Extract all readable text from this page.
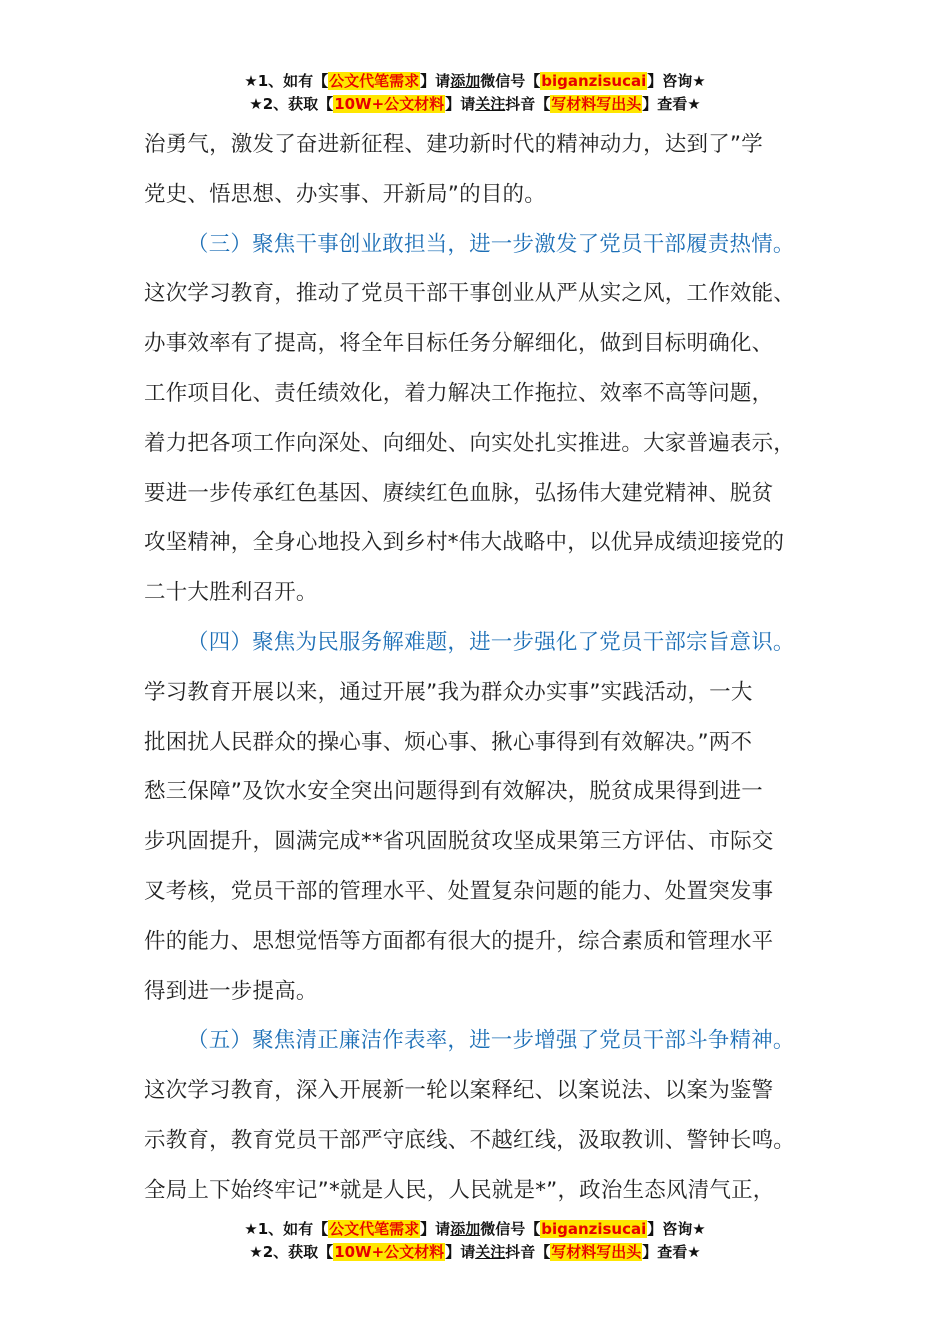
★1、如有【公文代笔需求】请添加微信号【biganzisucai】咨询★
★2、获取【10W+公文材料】请关注抖音【写材料写出头】查看★
治勇气，激发了奋进新征程、建功新时代的精神动力，达到了”学
党史、悟思想、办实事、开新局”的目的。
（三）聚焦干事创业敢担当，进一步激发了党员干部履责热情。
这次学习教育，推动了党员干部干事创业从严从实之风，工作效能、
办事效率有了提高，将全年目标任务分解细化，做到目标明确化、
工作项目化、责任绩效化，着力解决工作拖拉、效率不高等问题，
着力把各项工作向深处、向细处、向实处扎实推进。大家普遍表示，
要进一步传承红色基因、赓续红色血脉，弘扬伟大建党精神、脱贫
攻坚精神，全身心地投入到乡村*伟大战略中，以优异成绩迎接党的
二十大胜利召开。
（四）聚焦为民服务解难题，进一步强化了党员干部宗旨意识。
学习教育开展以来，通过开展”我为群众办实事”实践活动，一大
批困扰人民群众的操心事、烦心事、揪心事得到有效解决。”两不
愁三保障”及饮水安全突出问题得到有效解决，脱贫成果得到进一
步巩固提升，圆满完成**省巩固脱贫攻坚成果第三方评估、市际交
叉考核，党员干部的管理水平、处置复杂问题的能力、处置突发事
件的能力、思想觉悟等方面都有很大的提升，综合素质和管理水平
得到进一步提高。
（五）聚焦清正廉洁作表率，进一步增强了党员干部斗争精神。
这次学习教育，深入开展新一轮以案释纪、以案说法、以案为鉴警
示教育，教育党员干部严守底线、不越红线，汲取教训、警钟长鸣。
全局上下始终牢记”*就是人民，人民就是*”，政治生态风清气正，
★1、如有【公文代笔需求】请添加微信号【biganzisucai】咨询★
★2、获取【10W+公文材料】请关注抖音【写材料写出头】查看★
